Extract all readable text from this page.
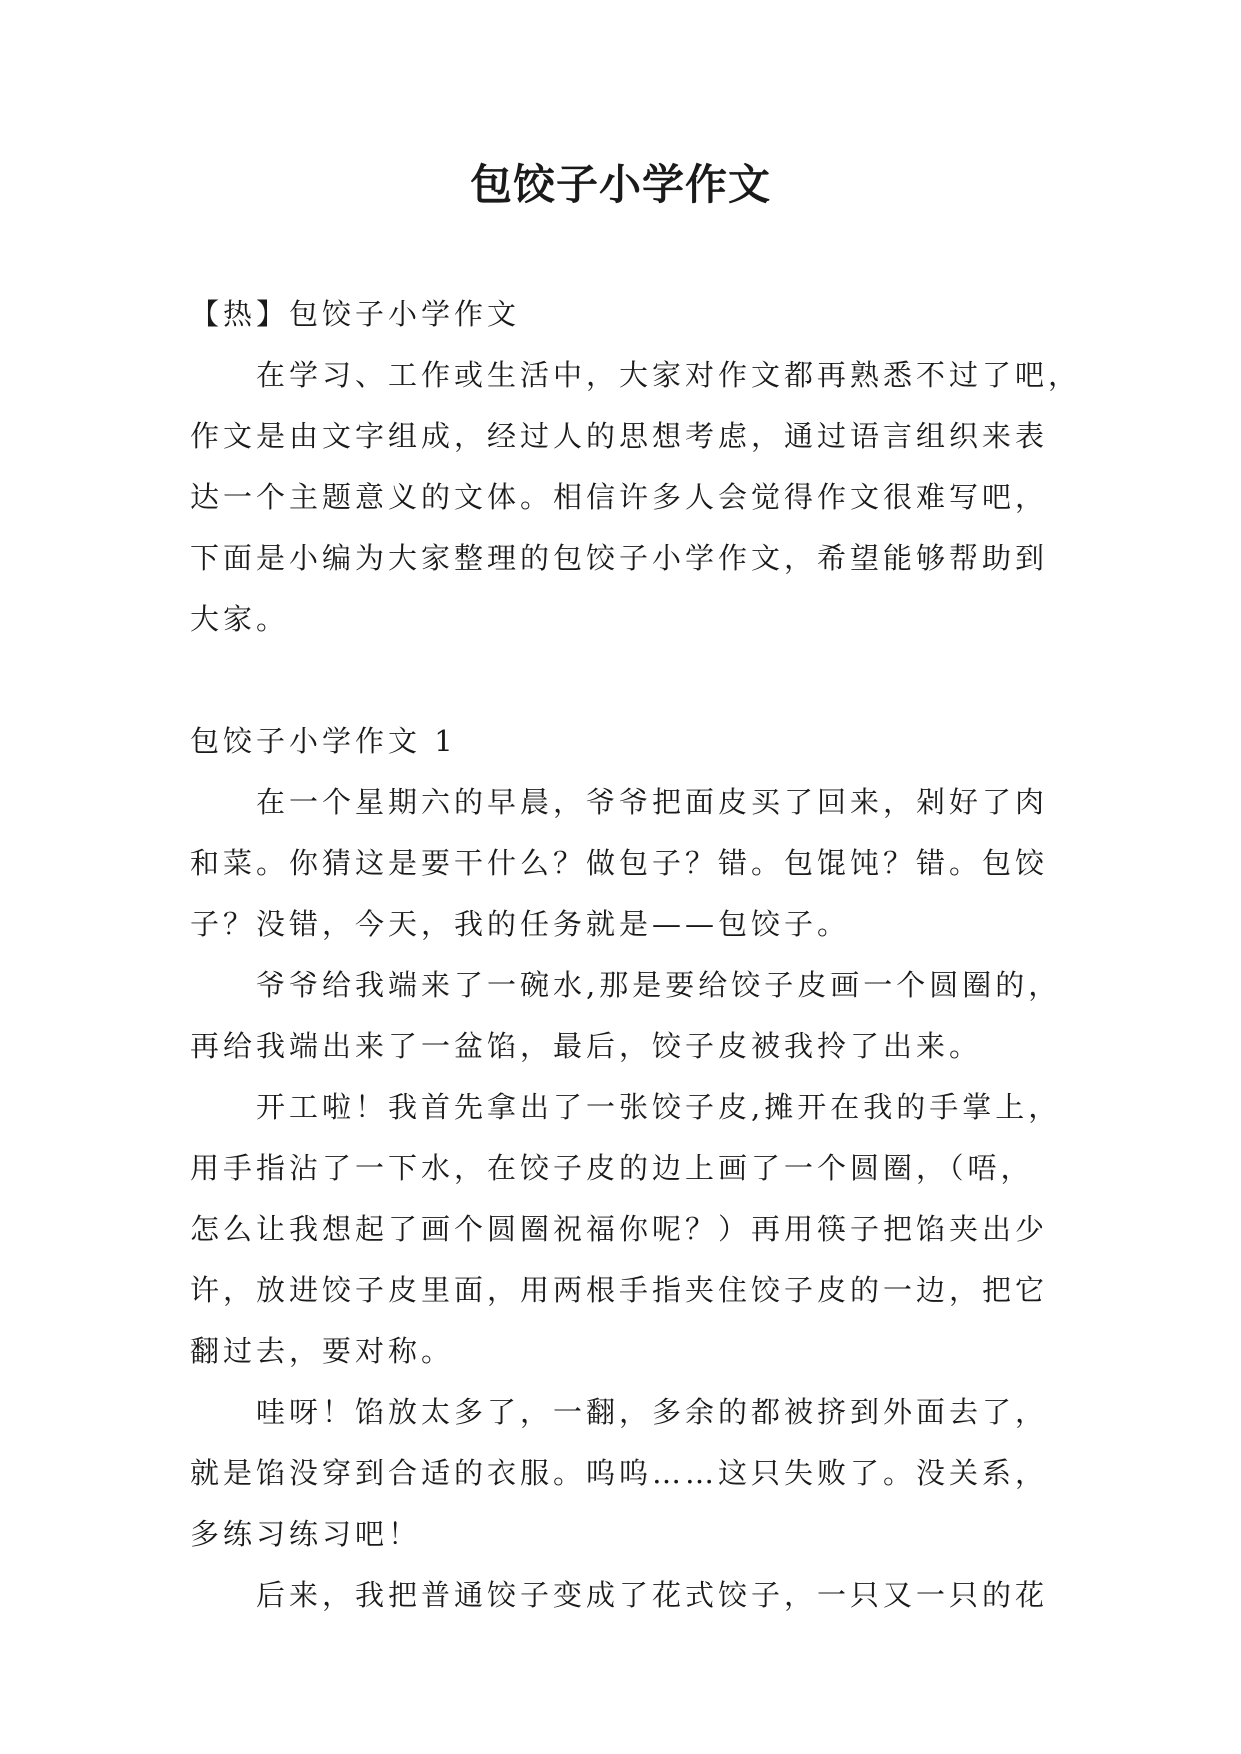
包饺子小学作文

【热】包饺子小学作文

在学习、工作或生活中，大家对作文都再熟悉不过了吧，

作文是由文字组成，经过人的思想考虑，通过语言组织来表

达一个主题意义的文体。相信许多人会觉得作文很难写吧，

下面是小编为大家整理的包饺子小学作文，希望能够帮助到

大家。

包饺子小学作文 1

在一个星期六的早晨，爷爷把面皮买了回来，剁好了肉

和菜。你猜这是要干什么？做包子？错。包馄饨？错。包饺

子？没错，今天，我的任务就是——包饺子。

爷爷给我端来了一碗水,那是要给饺子皮画一个圆圈的，

再给我端出来了一盆馅，最后，饺子皮被我拎了出来。

开工啦！我首先拿出了一张饺子皮,摊开在我的手掌上，

用手指沾了一下水，在饺子皮的边上画了一个圆圈，（唔，

怎么让我想起了画个圆圈祝福你呢？）再用筷子把馅夹出少

许，放进饺子皮里面，用两根手指夹住饺子皮的一边，把它

翻过去，要对称。

哇呀！馅放太多了，一翻，多余的都被挤到外面去了，

就是馅没穿到合适的衣服。呜呜……这只失败了。没关系，

多练习练习吧！

后来，我把普通饺子变成了花式饺子，一只又一只的花
